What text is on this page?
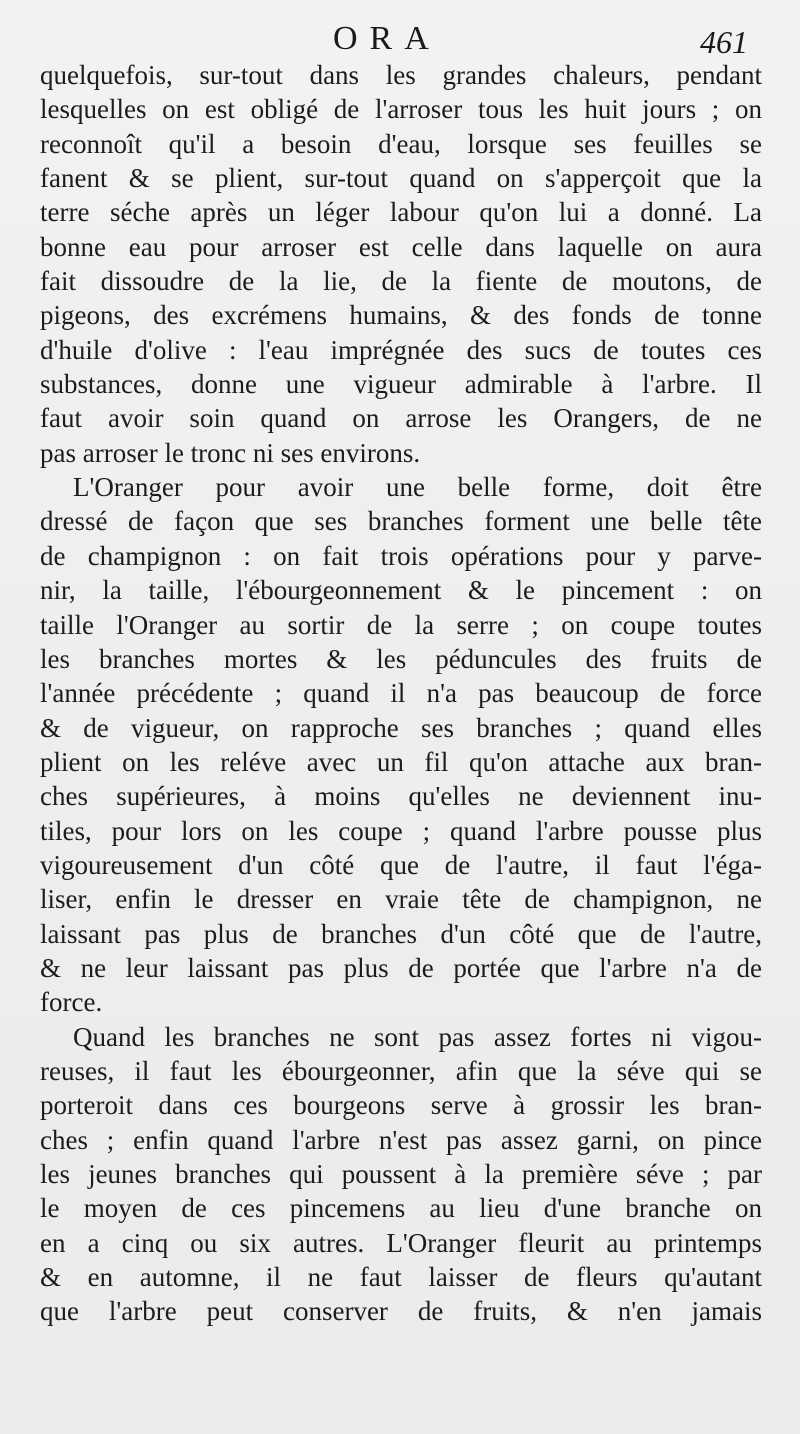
ORA	461
quelquefois, sur-tout dans les grandes chaleurs, pendant
lesquelles on est obligé de l'arroser tous les huit jours ; on
reconnoît qu'il a besoin d'eau, lorsque ses feuilles se
fanent & se plient, sur-tout quand on s'apperçoit que la
terre séche après un léger labour qu'on lui a donné. La
bonne eau pour arroser est celle dans laquelle on aura
fait dissoudre de la lie, de la fiente de moutons, de
pigeons, des excrémens humains, & des fonds de tonne
d'huile d'olive : l'eau imprégnée des sucs de toutes ces
substances, donne une vigueur admirable à l'arbre. Il
faut avoir soin quand on arrose les Orangers, de ne
pas arroser le tronc ni ses environs.
L'Oranger pour avoir une belle forme, doit être
dressé de façon que ses branches forment une belle tête
de champignon : on fait trois opérations pour y parve-
nir, la taille, l'ébourgeonnement & le pincement : on
taille l'Oranger au sortir de la serre ; on coupe toutes
les branches mortes & les péduncules des fruits de
l'année précédente ; quand il n'a pas beaucoup de force
& de vigueur, on rapproche ses branches ; quand elles
plient on les reléve avec un fil qu'on attache aux bran-
ches supérieures, à moins qu'elles ne deviennent inu-
tiles, pour lors on les coupe ; quand l'arbre pousse plus
vigoureusement d'un côté que de l'autre, il faut l'éga-
liser, enfin le dresser en vraie tête de champignon, ne
laissant pas plus de branches d'un côté que de l'autre,
& ne leur laissant pas plus de portée que l'arbre n'a de
force.
Quand les branches ne sont pas assez fortes ni vigou-
reuses, il faut les ébourgeonner, afin que la séve qui se
porteroit dans ces bourgeons serve à grossir les bran-
ches ; enfin quand l'arbre n'est pas assez garni, on pince
les jeunes branches qui poussent à la première séve ; par
le moyen de ces pincemens au lieu d'une branche on
en a cinq ou six autres. L'Oranger fleurit au printemps
& en automne, il ne faut laisser de fleurs qu'autant
que l'arbre peut conserver de fruits, & n'en jamais
